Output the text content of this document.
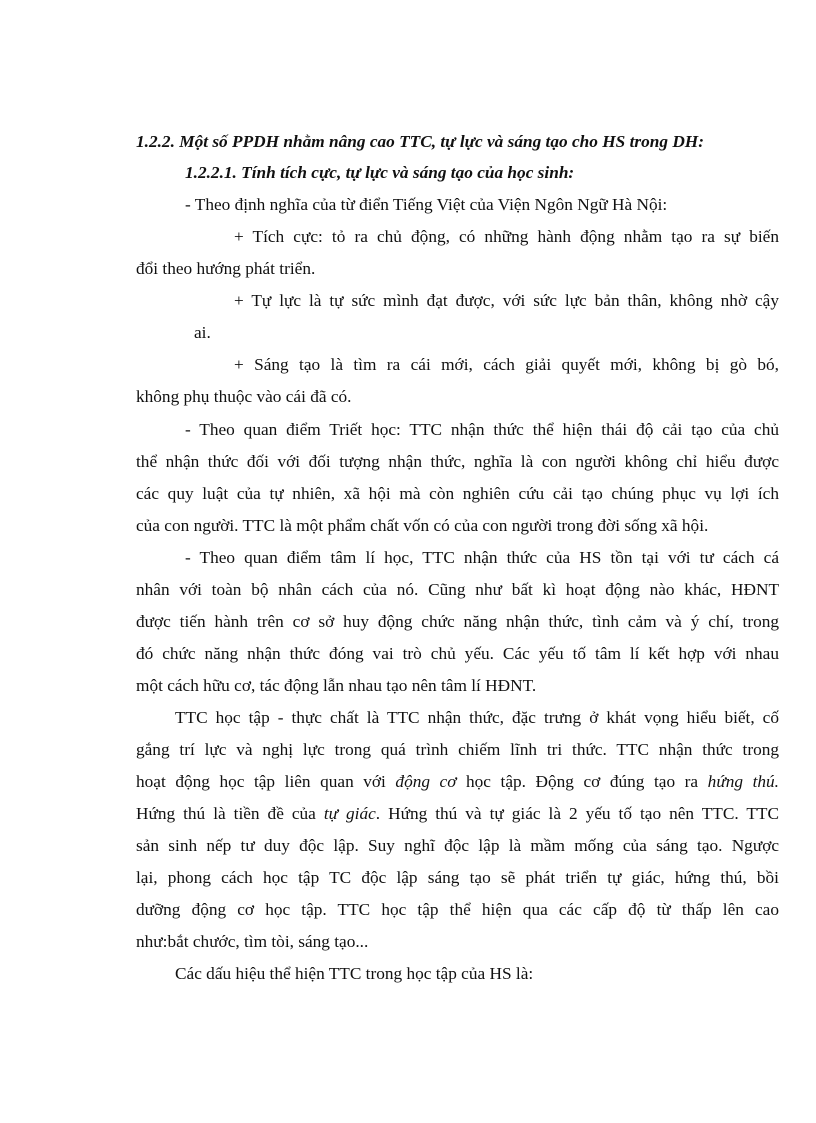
1.2.2. Một số PPDH nhằm nâng cao TTC, tự lực và sáng tạo cho HS trong DH:

1.2.2.1. Tính tích cực, tự lực và sáng tạo của học sinh:

- Theo định nghĩa của từ điển Tiếng Việt của Viện Ngôn Ngữ Hà Nội:

+ Tích cực: tỏ ra chủ động, có những hành động nhằm tạo ra sự biến

đổi theo hướng phát triển.

+ Tự lực là tự sức mình đạt được, với sức lực bản thân, không nhờ cậy

ai.

+ Sáng tạo là tìm ra cái mới, cách giải quyết mới, không bị gò bó,

không phụ thuộc vào cái đã có.

- Theo quan điểm Triết học: TTC nhận thức thể hiện thái độ cải tạo của chủ

thể nhận thức đối với đối tượng nhận thức, nghĩa là con người không chỉ hiểu được

các quy luật của tự nhiên, xã hội mà còn nghiên cứu cải tạo chúng phục vụ lợi ích

của con người. TTC là một phẩm chất vốn có của con người trong đời sống xã hội.

- Theo quan điểm tâm lí học, TTC nhận thức của HS tồn tại với tư cách cá

nhân với toàn bộ nhân cách của nó. Cũng như bất kì hoạt động nào khác, HĐNT

được tiến hành trên cơ sở huy động chức năng nhận thức, tình cảm và ý chí, trong

đó chức năng nhận thức đóng vai trò chủ yếu. Các yếu tố tâm lí kết hợp với nhau

một cách hữu cơ, tác động lẫn nhau tạo nên tâm lí HĐNT.

TTC học tập - thực chất là TTC nhận thức, đặc trưng ở khát vọng hiểu biết, cố

gắng trí lực và nghị lực trong quá trình chiếm lĩnh tri thức. TTC nhận thức trong

hoạt động học tập liên quan với động cơ học tập. Động cơ đúng tạo ra hứng thú.

Hứng thú là tiền đề của tự giác. Hứng thú và tự giác là 2 yếu tố tạo nên TTC. TTC

sản sinh nếp tư duy độc lập. Suy nghĩ độc lập là mầm mống của sáng tạo. Ngược

lại, phong cách học tập TC độc lập sáng tạo sẽ phát triển tự giác, hứng thú, bồi

dưỡng động cơ học tập. TTC học tập thể hiện qua các cấp độ từ thấp lên cao

như:bắt chước, tìm tòi, sáng tạo...

Các dấu hiệu thể hiện TTC trong học tập của HS là:
